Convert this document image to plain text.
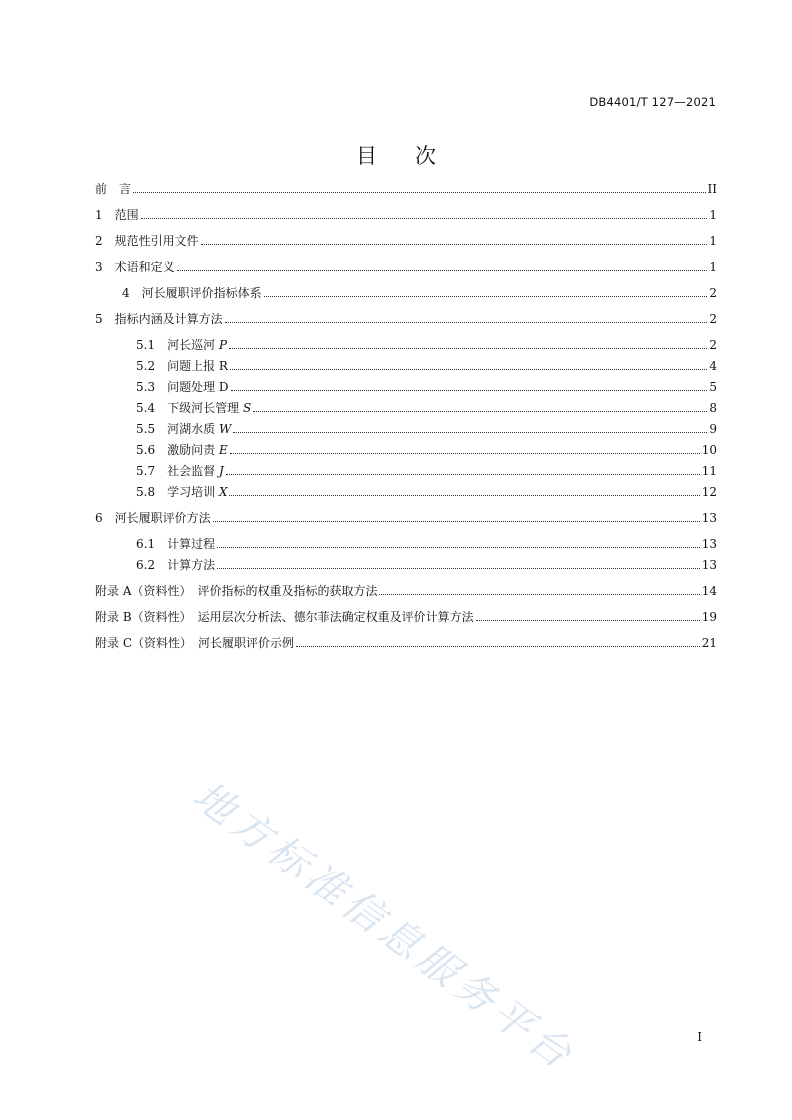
DB4401/T 127—2021
目 次
前　言	II
1 范围	1
2 规范性引用文件	1
3 术语和定义	1
4 河长履职评价指标体系	2
5 指标内涵及计算方法	2
5.1 河长巡河 P	2
5.2 问题上报 R	4
5.3 问题处理 D	5
5.4 下级河长管理 S	8
5.5 河湖水质 W	9
5.6 激励问责 E	10
5.7 社会监督 J	11
5.8 学习培训 X	12
6 河长履职评价方法	13
6.1 计算过程	13
6.2 计算方法	13
附录 A（资料性）　评价指标的权重及指标的获取方法	14
附录 B（资料性）　运用层次分析法、德尔菲法确定权重及评价计算方法	19
附录 C（资料性）　河长履职评价示例	21
地方标准信息服务平台	I
